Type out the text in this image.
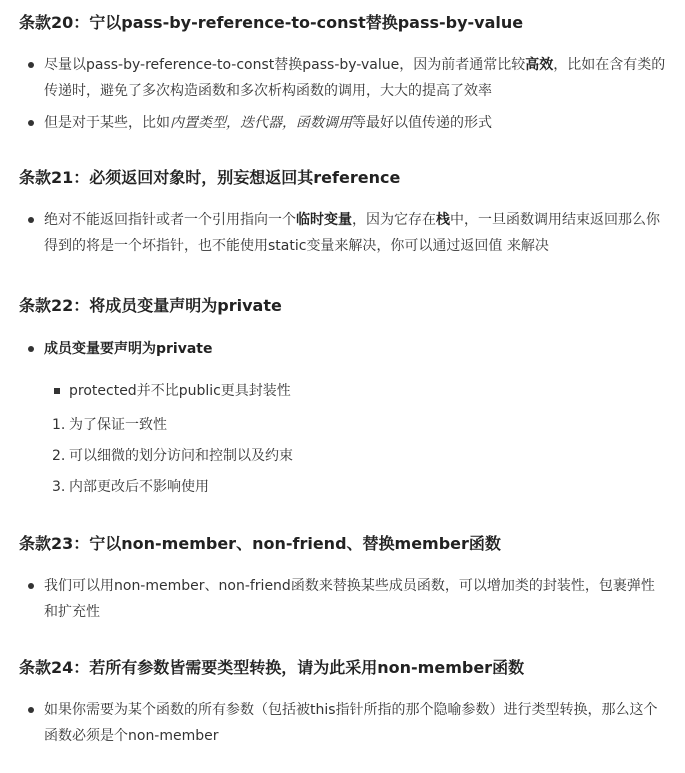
条款20：宁以pass-by-reference-to-const替换pass-by-value
尽量以pass-by-reference-to-const替换pass-by-value，因为前者通常比较高效，比如在含有类的传递时，避免了多次构造函数和多次析构函数的调用，大大的提高了效率
但是对于某些，比如内置类型，迭代器，函数调用等最好以值传递的形式
条款21：必须返回对象时，别妄想返回其reference
绝对不能返回指针或者一个引用指向一个临时变量，因为它存在栈中，一旦函数调用结束返回那么你得到的将是一个坏指针，也不能使用static变量来解决，你可以通过返回值 来解决
条款22：将成员变量声明为private
成员变量要声明为private
protected并不比public更具封装性
1. 为了保证一致性
2. 可以细微的划分访问和控制以及约束
3. 内部更改后不影响使用
条款23：宁以non-member、non-friend、替换member函数
我们可以用non-member、non-friend函数来替换某些成员函数，可以增加类的封装性，包裹弹性和扩充性
条款24：若所有参数皆需要类型转换，请为此采用non-member函数
如果你需要为某个函数的所有参数（包括被this指针所指的那个隐喻参数）进行类型转换，那么这个函数必须是个non-member
